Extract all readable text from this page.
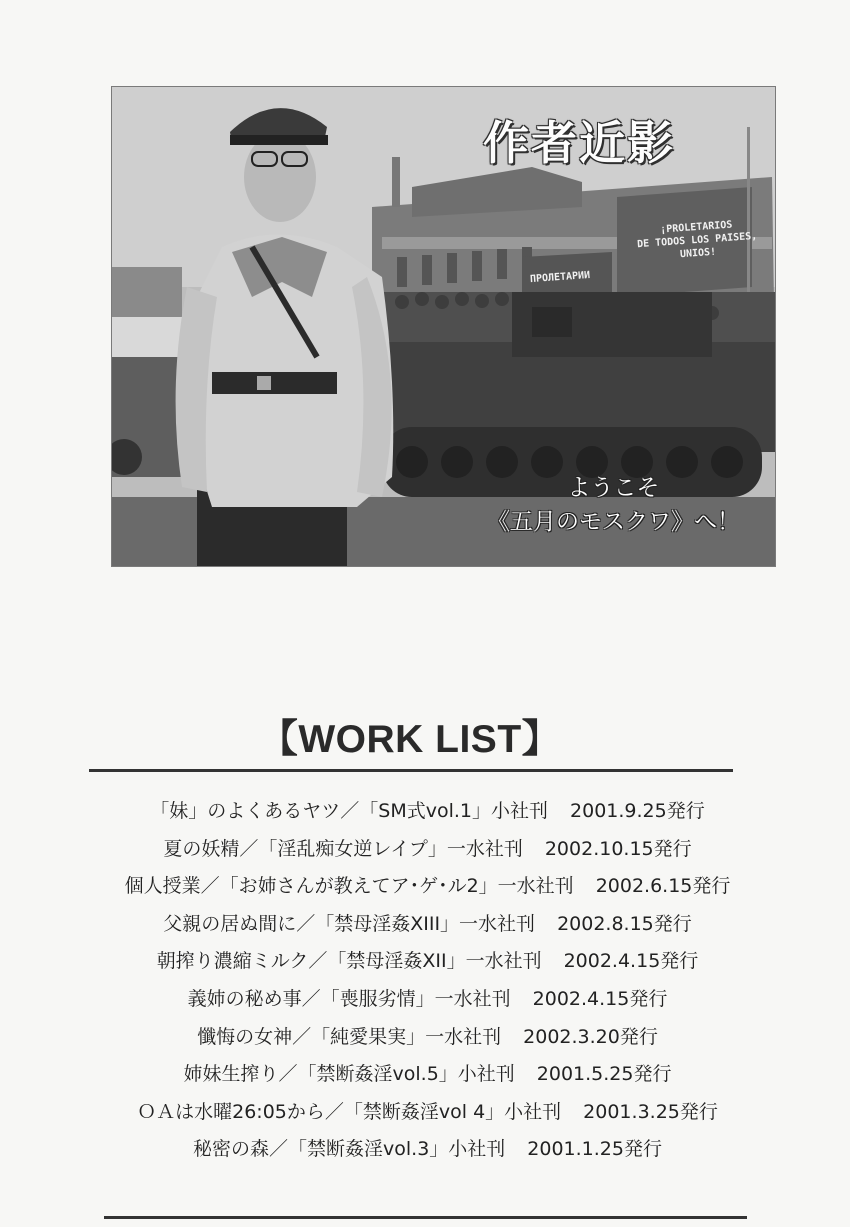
¡PROLETARIOS
DE TODOS LOS PAISES,
UNIOS!
ПРОЛЕТАРИИ
作者近影
ようこそ
《五月のモスクワ》へ！
【WORK LIST】
「妹」のよくあるヤツ／「SM式vol.1」小社刊 2001.9.25発行
夏の妖精／「淫乱痴女逆レイプ」一水社刊 2002.10.15発行
個人授業／「お姉さんが教えてア･ゲ･ル2」一水社刊 2002.6.15発行
父親の居ぬ間に／「禁母淫姦XIII」一水社刊 2002.8.15発行
朝搾り濃縮ミルク／「禁母淫姦XII」一水社刊 2002.4.15発行
義姉の秘め事／「喪服劣情」一水社刊 2002.4.15発行
懺悔の女神／「純愛果実」一水社刊 2002.3.20発行
姉妹生搾り／「禁断姦淫vol.5」小社刊 2001.5.25発行
ＯＡは水曜26:05から／「禁断姦淫vol 4」小社刊 2001.3.25発行
秘密の森／「禁断姦淫vol.3」小社刊 2001.1.25発行
